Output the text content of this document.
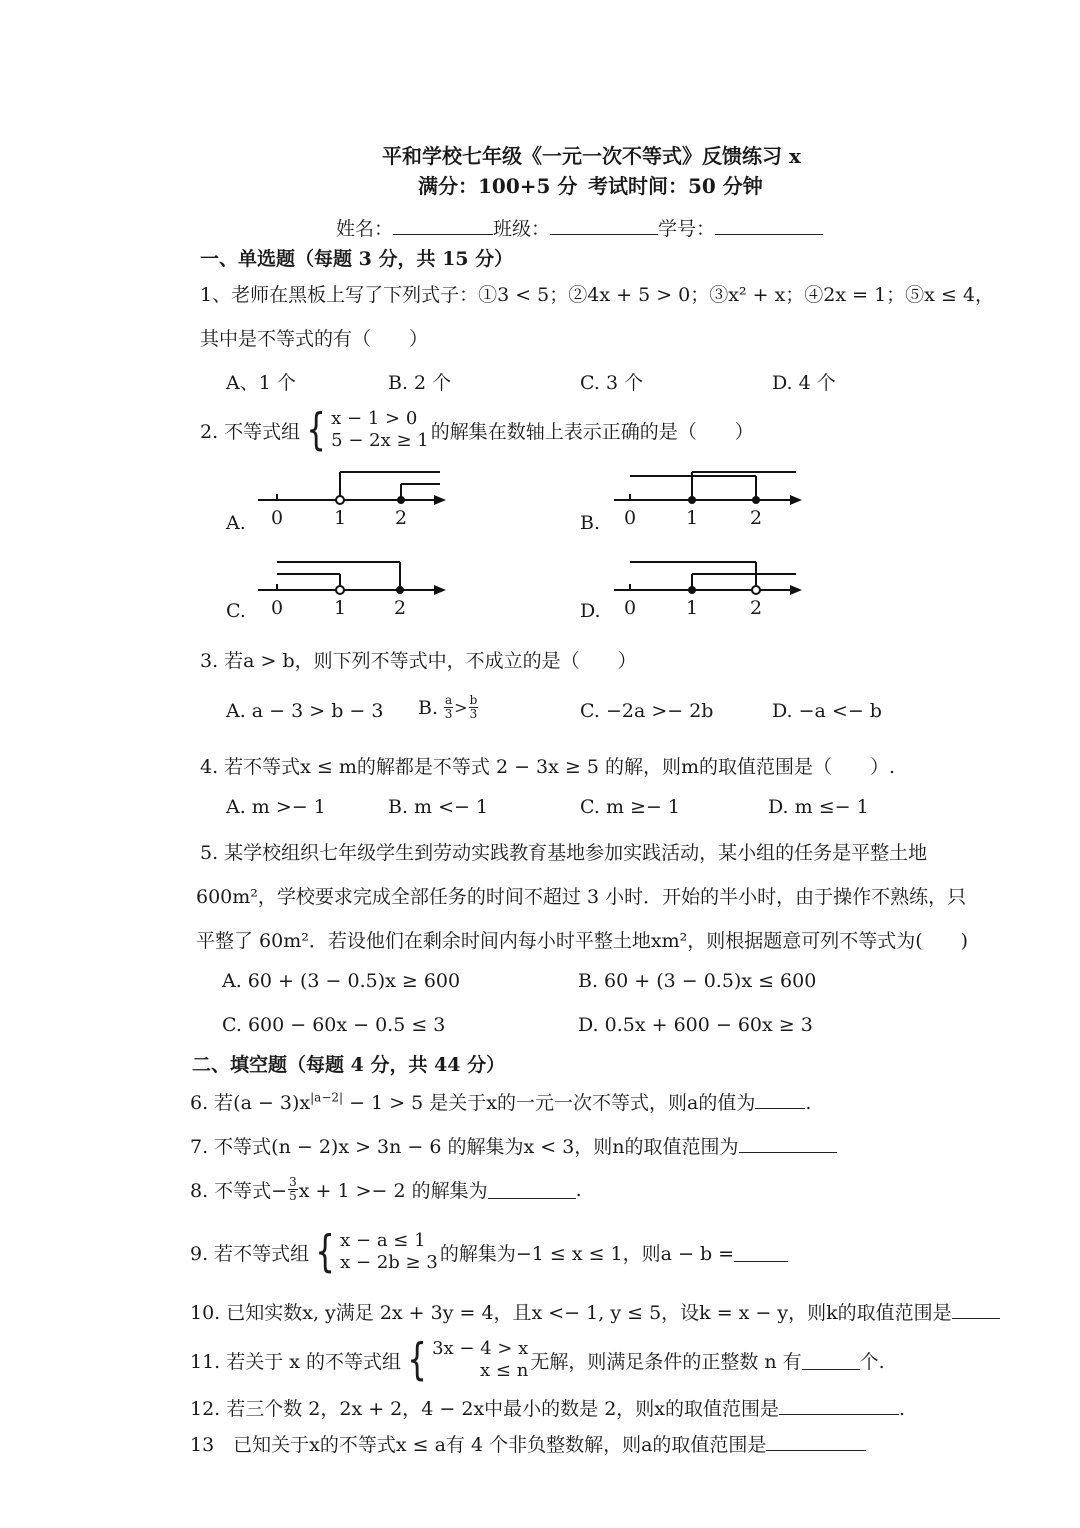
平和学校七年级《一元一次不等式》反馈练习 x
满分：100+5 分 考试时间：50 分钟
姓名：	班级：	学号：
一、单选题（每题 3 分，共 15 分）
1、老师在黑板上写了下列式子：①3 < 5；②4x + 5 > 0；③x² + x；④2x = 1；⑤x ≤ 4，
其中是不等式的有（　　）
A、1 个	B. 2 个	C. 3 个	D. 4 个
2. 不等式组 { x − 1 > 0
5 − 2x ≥ 1 的解集在数轴上表示正确的是（　　）
A. 0	1	2	B. 0	1	2
C. 0	1	2	D. 0	1	2
3. 若a > b，则下列不等式中，不成立的是（　　）
A. a − 3 > b − 3 B. $\frac{a}{3} > \frac{b}{3}$	C. −2a >− 2b	D. −a <− b
4. 若不等式x ≤ m的解都是不等式 2 − 3x ≥ 5 的解，则m的取值范围是（　　）.
A. m >− 1	B. m <− 1	C. m ≥− 1	D. m ≤− 1
5. 某学校组织七年级学生到劳动实践教育基地参加实践活动，某小组的任务是平整土地
600m²，学校要求完成全部任务的时间不超过 3 小时．开始的半小时，由于操作不熟练，只
平整了 60m²．若设他们在剩余时间内每小时平整土地xm²，则根据题意可列不等式为(　　)
A. 60 + (3 − 0.5)x ≥ 600	B. 60 + (3 − 0.5)x ≤ 600
C. 600 − 60x − 0.5 ≤ 3	D. 0.5x + 600 − 60x ≥ 3
二、填空题（每题 4 分，共 44 分）
6. 若$(a - 3)x^{|a-2|} - 1 > 5$ 是关于x的一元一次不等式，则a的值为	.
7. 不等式(n − 2)x > 3n − 6 的解集为x < 3，则n的取值范围为
8. 不等式− $\frac{3}{5}$ x + 1 >− 2 的解集为	.
9. 若不等式组 { x − a ≤ 1
x − 2b ≥ 3 的解集为−1 ≤ x ≤ 1，则a − b =
10. 已知实数x, y满足 2x + 3y = 4，且x <− 1, y ≤ 5，设k = x − y，则k的取值范围是
11. 若关于 x 的不等式组 { 3x − 4 > x
x ≤ n 无解，则满足条件的正整数 n 有	个.
12. 若三个数 2，2x + 2，4 − 2x中最小的数是 2，则x的取值范围是	.
13　已知关于x的不等式x ≤ a有 4 个非负整数解，则a的取值范围是
